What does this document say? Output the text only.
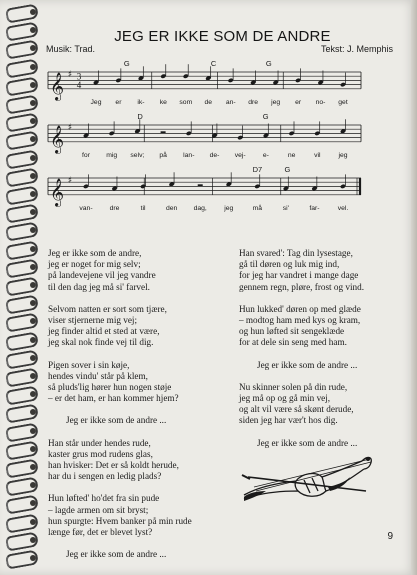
JEG ER IKKE SOM DE ANDRE
Musik: Trad.	Tekst: J. Memphis
𝄞 ♯ 3
4
Jeg er ik- ke som de an- dre jeg er no- get
G	C	G
𝄞 ♯
for mig selv; på lan- de- vej-	e-	ne	vil	jeg
D	G
𝄞 ♯
van-	dre	til	den dag,	jeg	må	si'	far-	vel.
D7	G
Jeg er ikke som de andre,
jeg er noget for mig selv;
på landevejene vil jeg vandre
til den dag jeg må si' farvel.
Selvom natten er sort som tjære,
viser stjernerne mig vej;
jeg finder altid et sted at være,
jeg skal nok finde vej til dig.
Pigen sover i sin køje,
hendes vindu' står på klem,
så pluds'lig hører hun nogen støje
– er det ham, er han kommer hjem?
Jeg er ikke som de andre ...
Han står under hendes rude,
kaster grus mod rudens glas,
han hvisker: Det er så koldt herude,
har du i sengen en ledig plads?
Hun løfted' ho'det fra sin pude
– lagde armen om sit bryst;
hun spurgte: Hvem banker på min rude
længe før, det er blevet lyst?
Jeg er ikke som de andre ...
Han svared': Tag din lysestage,
gå til døren og luk mig ind,
for jeg har vandret i mange dage
gennem regn, pløre, frost og vind.
Hun lukked' døren op med glæde
– modtog ham med kys og kram,
og hun løfted sit sengeklæde
for at dele sin seng med ham.
Jeg er ikke som de andre ...
Nu skinner solen på din rude,
jeg må op og gå min vej,
og alt vil være så skønt derude,
siden jeg har vær't hos dig.
Jeg er ikke som de andre ...
9
